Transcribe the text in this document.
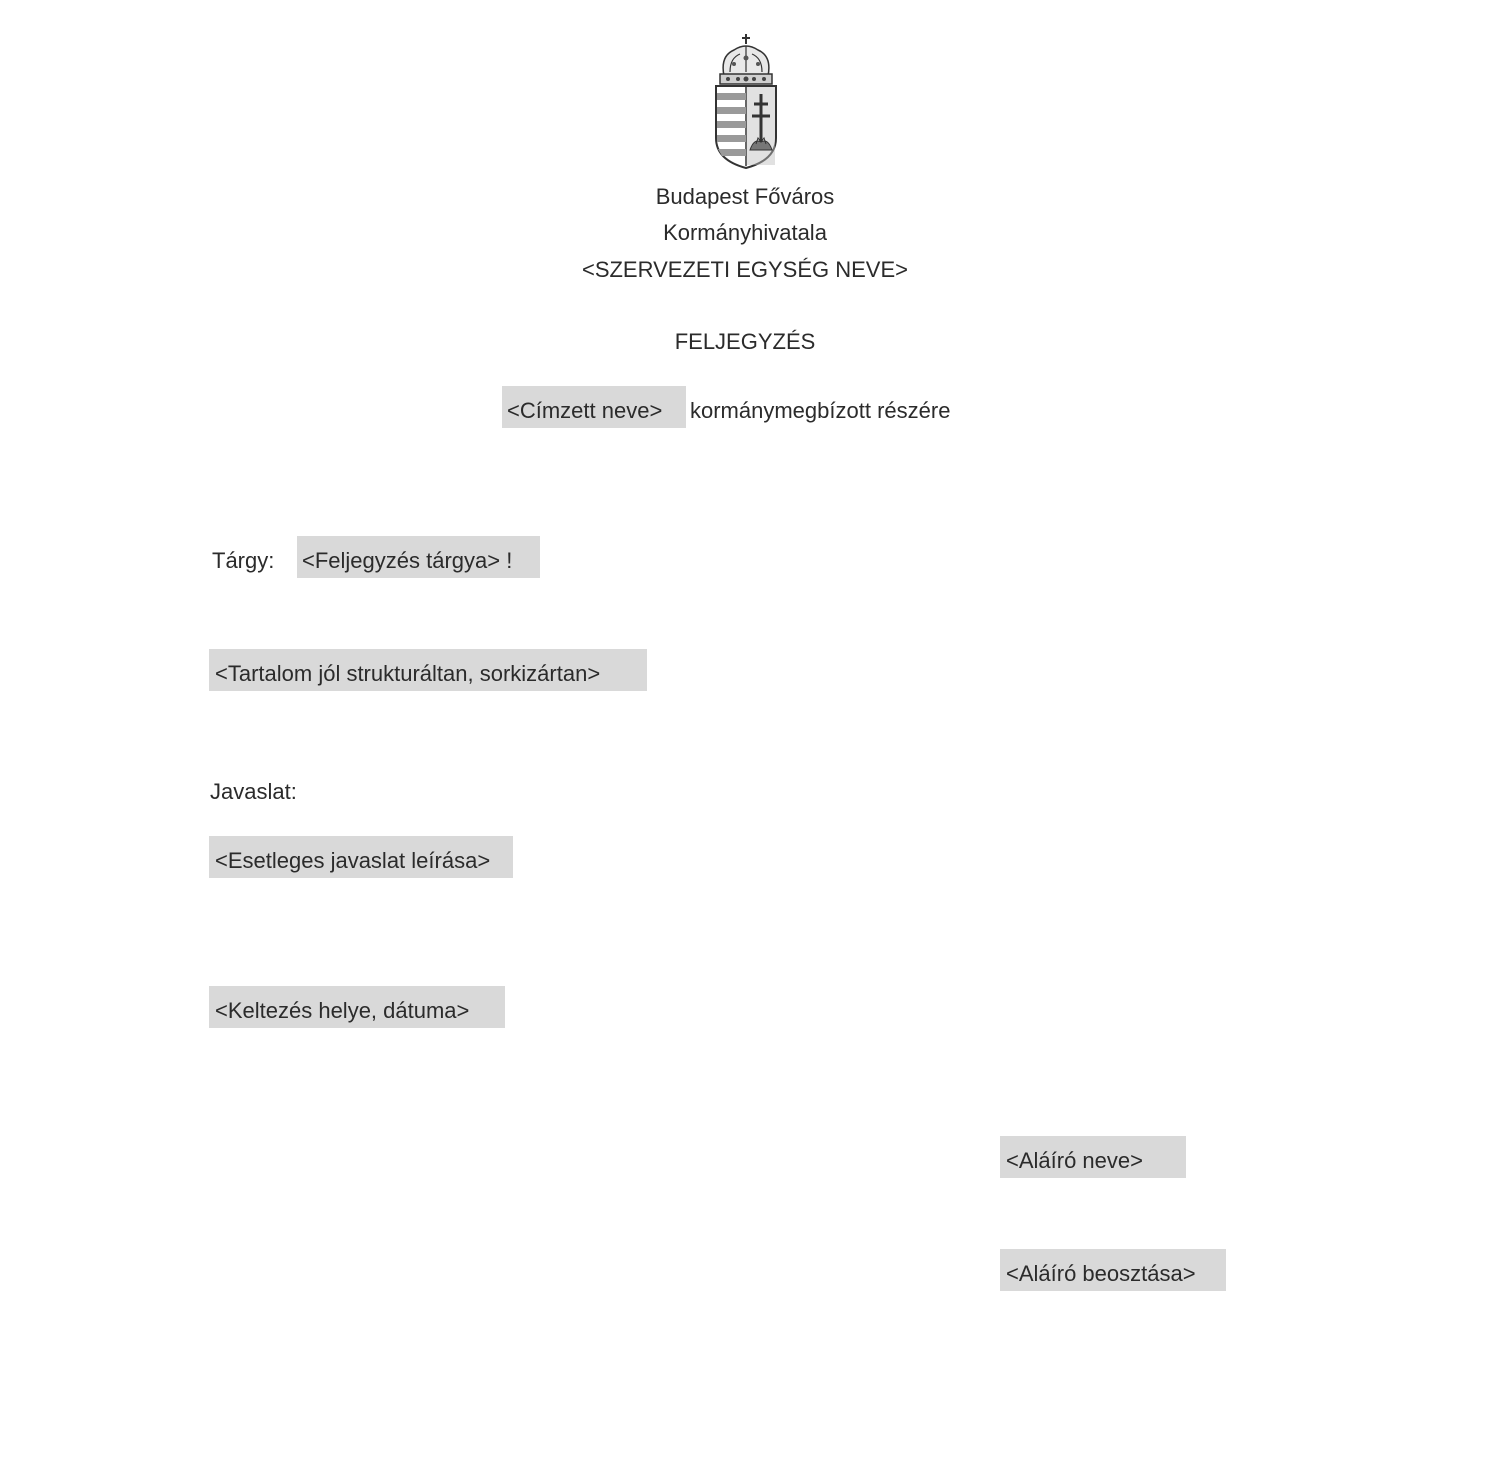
Budapest Főváros
Kormányhivatala
<SZERVEZETI EGYSÉG NEVE>
FELJEGYZÉS
<Címzett neve>	kormánymegbízott részére
Tárgy: <Feljegyzés tárgya> !
<Tartalom jól strukturáltan, sorkizártan>
Javaslat:
<Esetleges javaslat leírása>
<Keltezés helye, dátuma>
<Aláíró neve>
<Aláíró beosztása>
